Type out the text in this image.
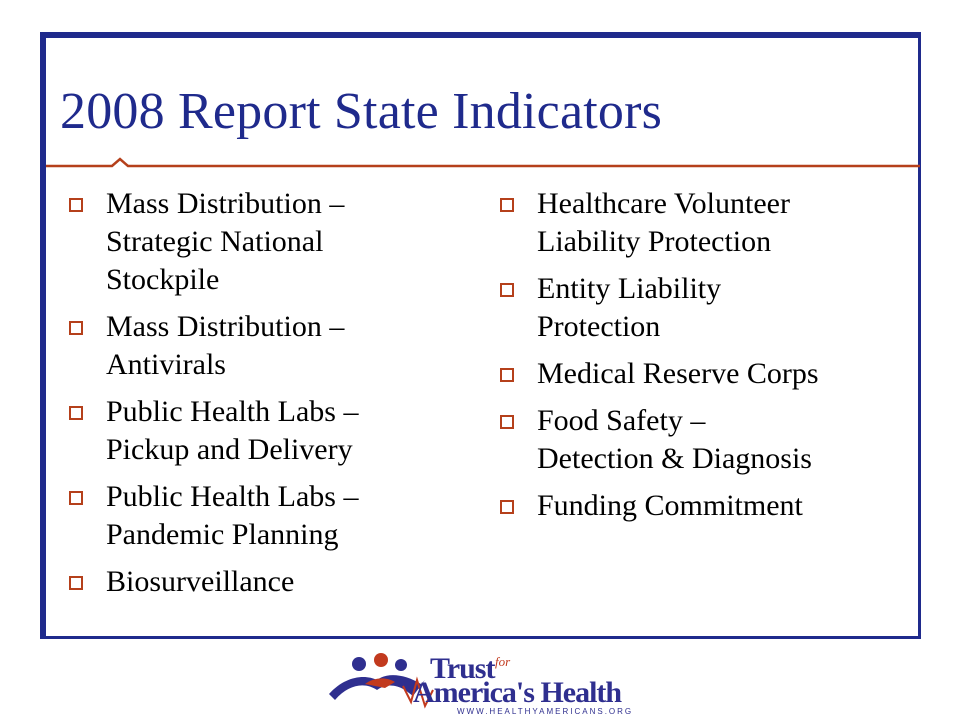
2008 Report State Indicators
Mass Distribution –
Strategic National
Stockpile
Mass Distribution –
Antivirals
Public Health Labs –
Pickup and Delivery
Public Health Labs –
Pandemic Planning
Biosurveillance
Healthcare Volunteer
Liability Protection
Entity Liability
Protection
Medical Reserve Corps
Food Safety –
Detection & Diagnosis
Funding Commitment
Trust for
America's Health
WWW.HEALTHYAMERICANS.ORG
